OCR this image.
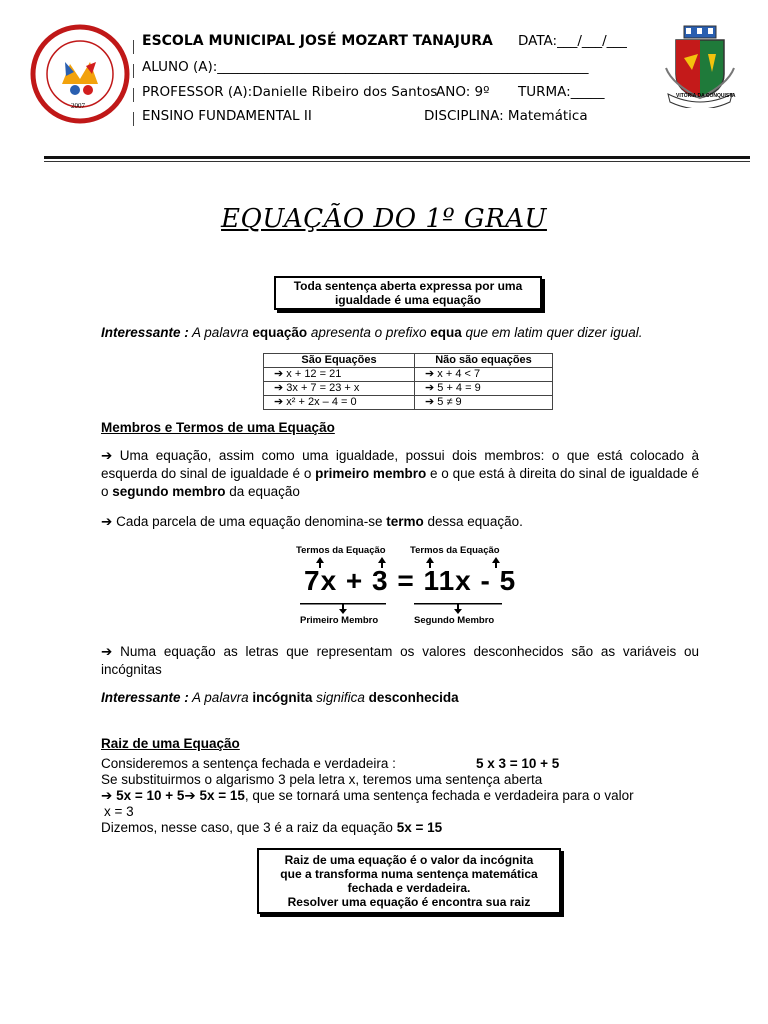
2007
ESCOLA MUNICIPAL JOSÉ MOZART TANAJURA DATA:___/___/___
ALUNO (A):_______________________________________________________
PROFESSOR (A):Danielle Ribeiro dos Santos
ANO: 9º TURMA:_____
ENSINO FUNDAMENTAL II	DISCIPLINA: Matemática
VITÓRIA DA CONQUISTA
EQUAÇÃO DO 1º GRAU
Toda sentença aberta expressa por uma
igualdade é uma equação
Interessante : A palavra equação apresenta o prefixo equa que em latim quer dizer igual.
São Equações	Não são equações
➔ x + 12 = 21	➔ x + 4 < 7
➔ 3x + 7 = 23 + x	➔ 5 + 4 = 9
➔ x² + 2x – 4 = 0	➔ 5 ≠ 9
Membros e Termos de uma Equação
➔ Uma equação, assim como uma igualdade, possui dois membros: o que está colocado à esquerda do sinal de igualdade é o primeiro membro e o que está à direita do sinal de igualdade é o segundo membro da equação
➔ Cada parcela de uma equação denomina-se termo dessa equação.
Termos da Equação	Termos da Equação
7x + 3 = 11x - 5
Primeiro Membro	Segundo Membro
➔ Numa equação as letras que representam os valores desconhecidos são as variáveis ou incógnitas
Interessante : A palavra incógnita significa desconhecida
Raiz de uma Equação
Consideremos a sentença fechada e verdadeira :	5 x 3 = 10 + 5
Se substituirmos o algarismo 3 pela letra x, teremos uma sentença aberta
➔ 5x = 10 + 5➔ 5x = 15, que se tornará uma sentença fechada e verdadeira para o valor
x = 3
Dizemos, nesse caso, que 3 é a raiz da equação 5x = 15
Raiz de uma equação é o valor da incógnita
que a transforma numa sentença matemática
fechada e verdadeira.
Resolver uma equação é encontra sua raiz
